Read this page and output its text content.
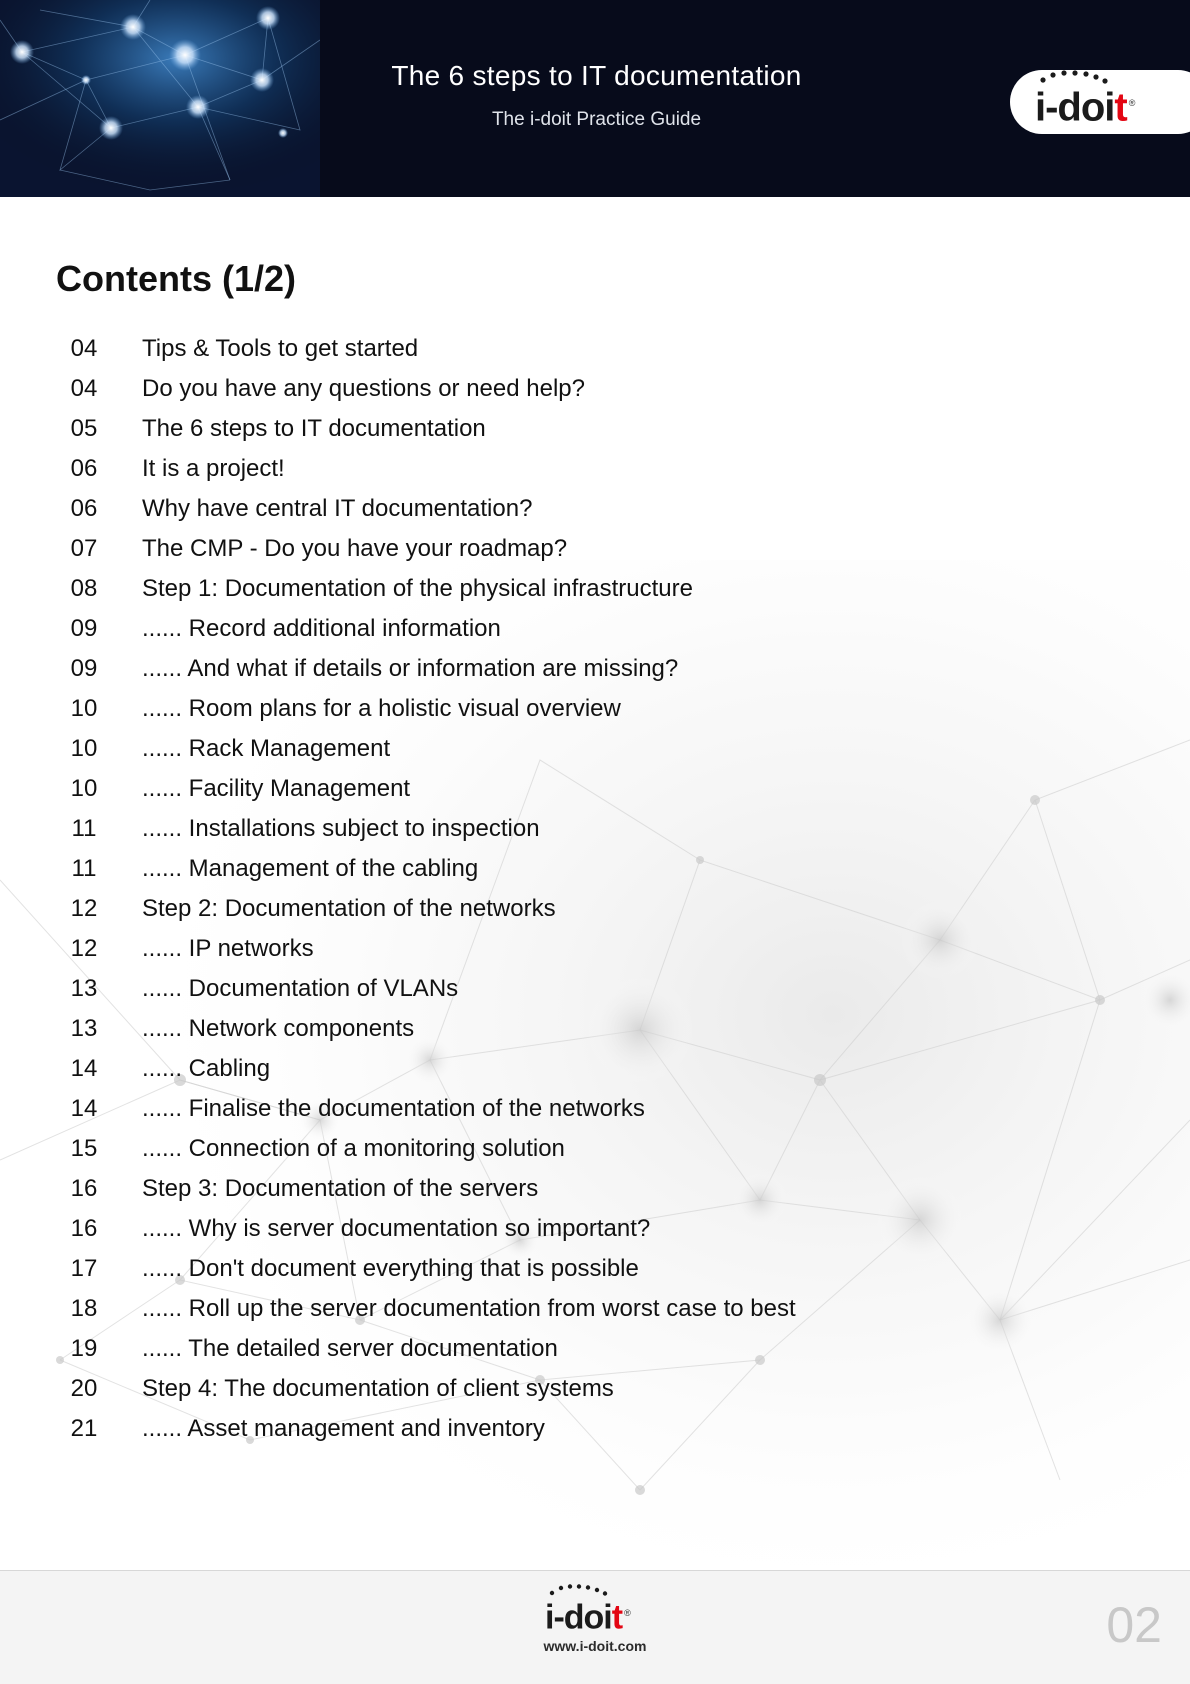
The 6 steps to IT documentation
The i-doit Practice Guide	i-doit ®
Contents (1/2)
04	Tips & Tools to get started
04	Do you have any questions or need help?
05	The 6 steps to IT documentation
06	It is a project!
06	Why have central IT documentation?
07	The CMP - Do you have your roadmap?
08	Step 1: Documentation of the physical infrastructure
09	...... Record additional information
09	...... And what if details or information are missing?
10	...... Room plans for a holistic visual overview
10	...... Rack Management
10	...... Facility Management
11	...... Installations subject to inspection
11	...... Management of the cabling
12	Step 2: Documentation of the networks
12	...... IP networks
13	...... Documentation of VLANs
13	...... Network components
14	...... Cabling
14	...... Finalise the documentation of the networks
15	...... Connection of a monitoring solution
16	Step 3: Documentation of the servers
16	...... Why is server documentation so important?
17	...... Don't document everything that is possible
18	...... Roll up the server documentation from worst case to best
19	...... The detailed server documentation
20	Step 4: The documentation of client systems
21	...... Asset management and inventory
i-doit ®
www.i-doit.com	02
